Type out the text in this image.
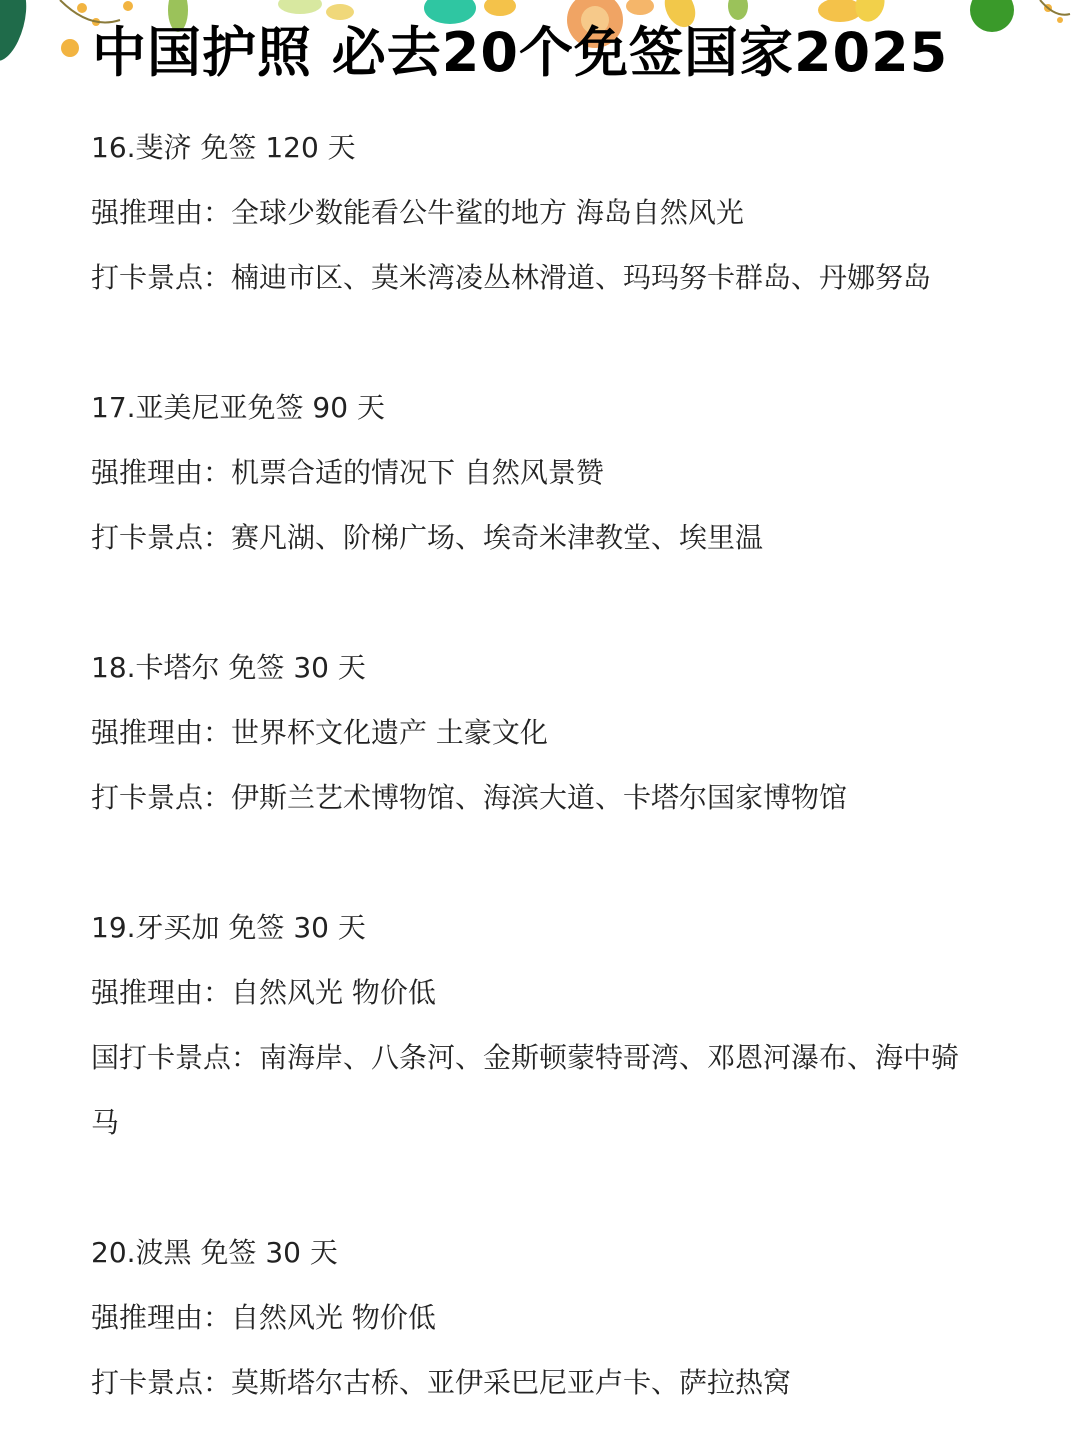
中国护照 必去20个免签国家2025
16.斐济 免签 120 天
强推理由：全球少数能看公牛鲨的地方 海岛自然风光
打卡景点：楠迪市区、莫米湾凌丛林滑道、玛玛努卡群岛、丹娜努岛
17.亚美尼亚免签 90 天
强推理由：机票合适的情况下 自然风景赞
打卡景点：赛凡湖、阶梯广场、埃奇米津教堂、埃里温
18.卡塔尔 免签 30 天
强推理由：世界杯文化遗产 土豪文化
打卡景点：伊斯兰艺术博物馆、海滨大道、卡塔尔国家博物馆
19.牙买加 免签 30 天
强推理由：自然风光 物价低
国打卡景点：南海岸、八条河、金斯顿蒙特哥湾、邓恩河瀑布、海中骑马
20.波黑 免签 30 天
强推理由：自然风光 物价低
打卡景点：莫斯塔尔古桥、亚伊采巴尼亚卢卡、萨拉热窝
